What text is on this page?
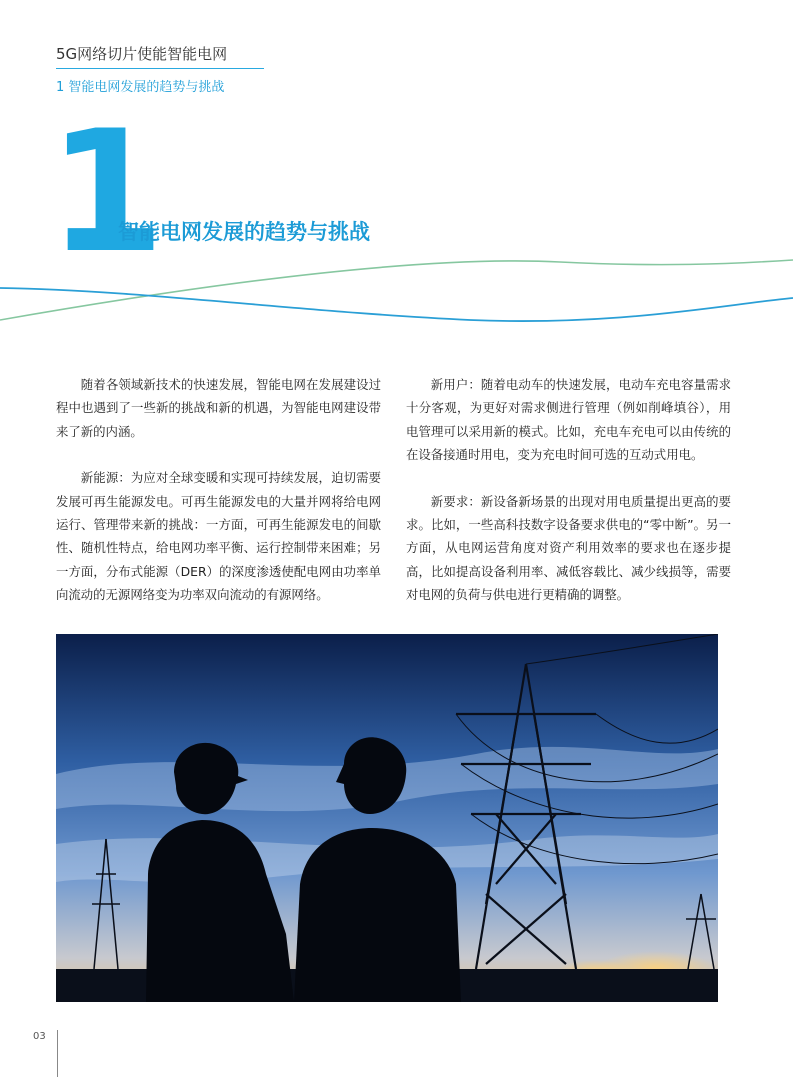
5G网络切片使能智能电网
1 智能电网发展的趋势与挑战
1
智能电网发展的趋势与挑战

随着各领域新技术的快速发展，智能电网在发展建设过程中也遇到了一些新的挑战和新的机遇，为智能电网建设带来了新的内涵。

新能源：为应对全球变暖和实现可持续发展，迫切需要发展可再生能源发电。可再生能源发电的大量并网将给电网运行、管理带来新的挑战：一方面，可再生能源发电的间歇性、随机性特点，给电网功率平衡、运行控制带来困难；另一方面，分布式能源（DER）的深度渗透使配电网由功率单向流动的无源网络变为功率双向流动的有源网络。

新用户：随着电动车的快速发展，电动车充电容量需求十分客观，为更好对需求侧进行管理（例如削峰填谷），用电管理可以采用新的模式。比如，充电车充电可以由传统的在设备接通时用电，变为充电时间可选的互动式用电。

新要求：新设备新场景的出现对用电质量提出更高的要求。比如，一些高科技数字设备要求供电的“零中断”。另一方面，从电网运营角度对资产利用效率的要求也在逐步提高，比如提高设备利用率、减低容载比、减少线损等，需要对电网的负荷与供电进行更精确的调整。

03
